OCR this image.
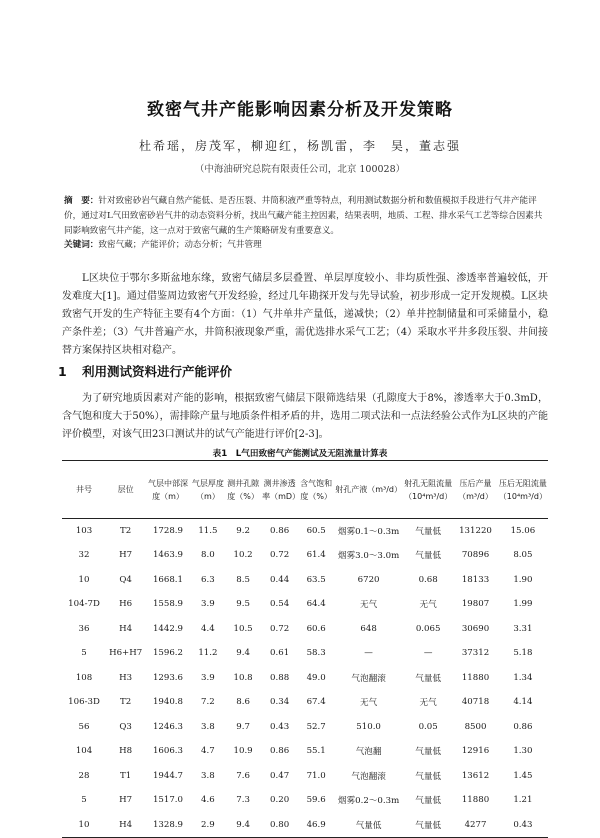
致密气井产能影响因素分析及开发策略
杜希瑶，房茂军，柳迎红，杨凯雷，李　昊，董志强
（中海油研究总院有限责任公司，北京 100028）
摘　要：针对致密砂岩气藏自然产能低、是否压裂、井筒积液严重等特点，利用测试数据分析和数值模拟手段进行气井产能评价，通过对L气田致密砂岩气井的动态资料分析，找出气藏产能主控因素，结果表明，地质、工程、排水采气工艺等综合因素共同影响致密气井产能，这一点对于致密气藏的生产策略研发有重要意义。
关键词：致密气藏；产能评价；动态分析；气井管理
L区块位于鄂尔多斯盆地东缘，致密气储层多层叠置、单层厚度较小、非均质性强、渗透率普遍较低，开发难度大[1]。通过借鉴周边致密气开发经验，经过几年勘探开发与先导试验，初步形成一定开发规模。L区块致密气开发的生产特征主要有4个方面：（1）气井单井产量低，递减快；（2）单井控制储量和可采储量小，稳产条件差；（3）气井普遍产水，井筒积液现象严重，需优选排水采气工艺；（4）采取水平井多段压裂、井间接替方案保持区块相对稳产。
1 利用测试资料进行产能评价
为了研究地质因素对产能的影响，根据致密气储层下限筛选结果（孔隙度大于8%，渗透率大于0.3mD，含气饱和度大于50%），需排除产量与地质条件相矛盾的井，选用二项式法和一点法经验公式作为L区块的产能评价模型，对该气田23口测试井的试气产能进行评价[2-3]。
表1　L气田致密气产能测试及无阻流量计算表
井号	层位	气层中部深度（m）	气层厚度（m）	测井孔隙度（%）	测井渗透率（mD）	含气饱和度（%）	射孔产液（m³/d）	射孔无阻流量（10⁴m³/d）	压后产量（m³/d）	压后无阻流量（10⁴m³/d）
103	T2	1728.9	11.5	9.2	0.86	60.5	烟雾0.1～0.3m	气量低	131220	15.06
32	H7	1463.9	8.0	10.2	0.72	61.4	烟雾3.0～3.0m	气量低	70896	8.05
10	Q4	1668.1	6.3	8.5	0.44	63.5	6720	0.68	18133	1.90
104-7D	H6	1558.9	3.9	9.5	0.54	64.4	无气	无气	19807	1.99
36	H4	1442.9	4.4	10.5	0.72	60.6	648	0.065	30690	3.31
5	H6+H7	1596.2	11.2	9.4	0.61	58.3	—	—	37312	5.18
108	H3	1293.6	3.9	10.8	0.88	49.0	气泡翻滚	气量低	11880	1.34
106-3D	T2	1940.8	7.2	8.6	0.34	67.4	无气	无气	40718	4.14
56	Q3	1246.3	3.8	9.7	0.43	52.7	510.0	0.05	8500	0.86
104	H8	1606.3	4.7	10.9	0.86	55.1	气泡翻	气量低	12916	1.30
28	T1	1944.7	3.8	7.6	0.47	71.0	气泡翻滚	气量低	13612	1.45
5	H7	1517.0	4.6	7.3	0.20	59.6	烟雾0.2～0.3m	气量低	11880	1.21
10	H4	1328.9	2.9	9.4	0.80	46.9	气量低	气量低	4277	0.43
